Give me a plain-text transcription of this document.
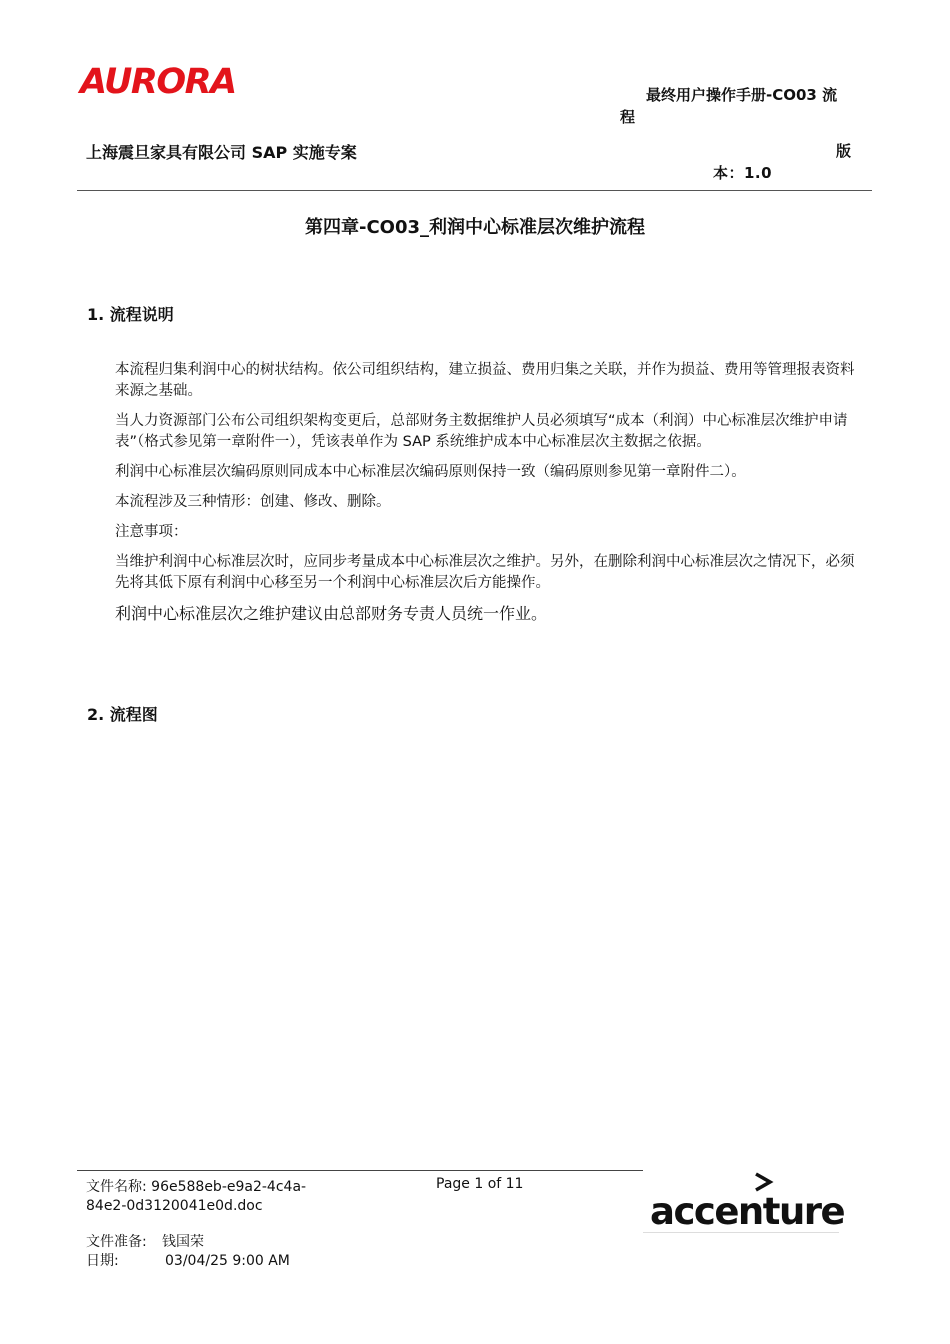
AURORA	最终用户操作手册-CO03 流
程
上海震旦家具有限公司 SAP 实施专案	版
本：1.0
第四章-CO03_利润中心标准层次维护流程
1. 流程说明

本流程归集利润中心的树状结构。依公司组织结构，建立损益、费用归集之关联，并作为损益、费用等管理报表资料来源之基础。

当人力资源部门公布公司组织架构变更后，总部财务主数据维护人员必须填写“成本（利润）中心标准层次维护申请表”（格式参见第一章附件一），凭该表单作为 SAP 系统维护成本中心标准层次主数据之依据。

利润中心标准层次编码原则同成本中心标准层次编码原则保持一致（编码原则参见第一章附件二）。

本流程涉及三种情形：创建、修改、删除。

注意事项：

当维护利润中心标准层次时，应同步考量成本中心标准层次之维护。另外，在删除利润中心标准层次之情况下，必须先将其低下原有利润中心移至另一个利润中心标准层次后方能操作。

利润中心标准层次之维护建议由总部财务专责人员统一作业。

2. 流程图
文件名称: 96e588eb-e9a2-4c4a-84e2-0d3120041e0d.doc
Page 1 of 11
文件准备: 钱国荣
日期:	03/04/25 9:00 AM
accenture
